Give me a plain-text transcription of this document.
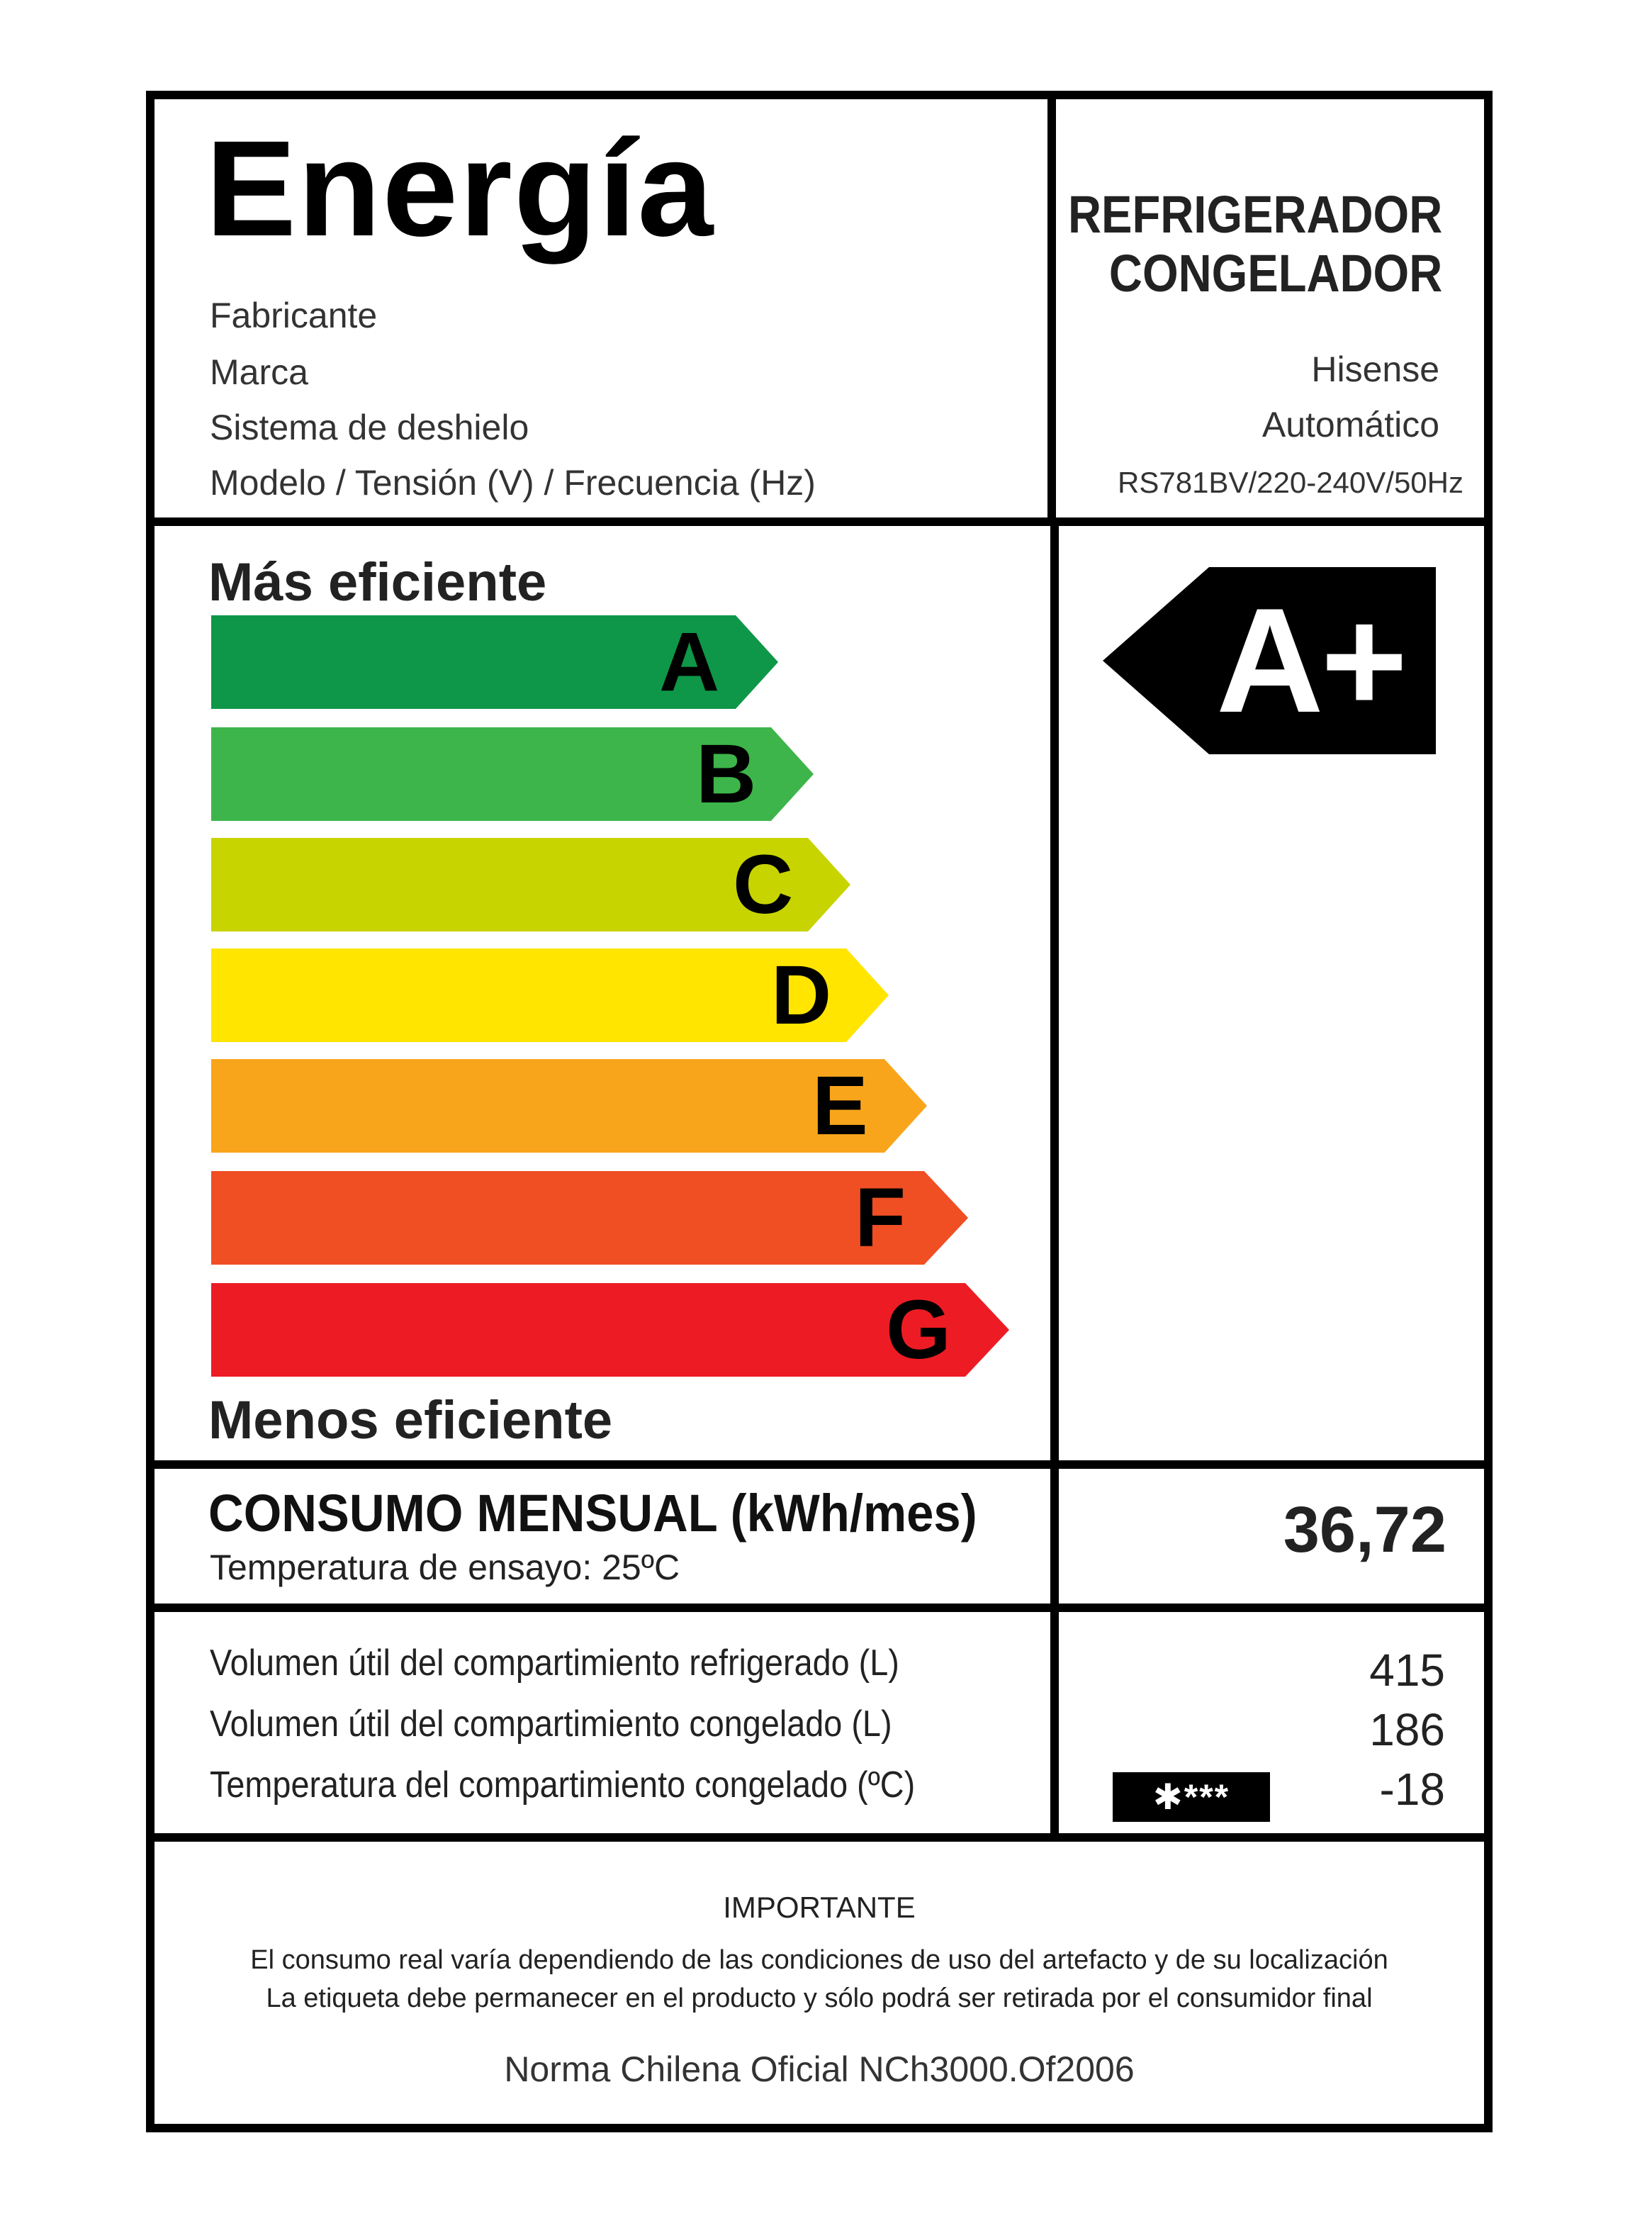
Energía	REFRIGERADOR
CONGELADOR
Fabricante
Marca	Hisense
Sistema de deshielo	Automático
Modelo / Tensión (V) / Frecuencia (Hz)	RS781BV/220-240V/50Hz
Más eficiente
A
B
C
D
E
F
G
Menos eficiente
A+
CONSUMO MENSUAL (kWh/mes)
Temperatura de ensayo: 25ºC
36,72
Volumen útil del compartimiento refrigerado (L)	415
Volumen útil del compartimiento congelado (L)	186
Temperatura del compartimiento congelado (ºC)	-18
✱***
IMPORTANTE
El consumo real varía dependiendo de las condiciones de uso del artefacto y de su localización
La etiqueta debe permanecer en el producto y sólo podrá ser retirada por el consumidor final
Norma Chilena Oficial NCh3000.Of2006
